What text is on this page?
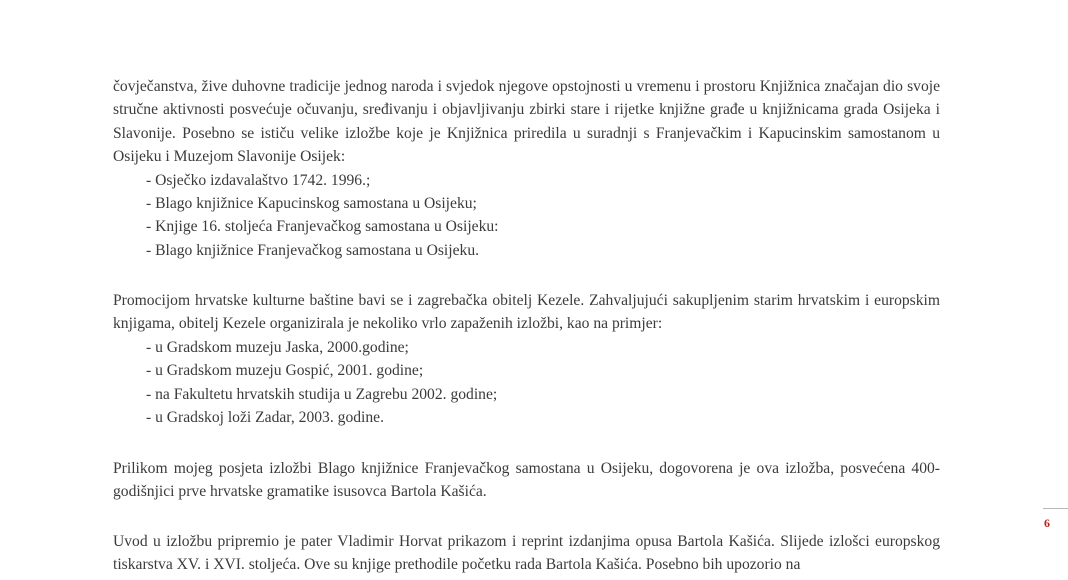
čovječanstva, žive duhovne tradicije jednog naroda i svjedok njegove opstojnosti u vremenu i prostoru Knjižnica značajan dio svoje stručne aktivnosti posvećuje očuvanju, sređivanju i objavljivanju zbirki stare i rijetke knjižne građe u knjižnicama grada Osijeka i Slavonije. Posebno se ističu velike izložbe koje je Knjižnica priredila u suradnji s Franjevačkim i Kapucinskim samostanom u Osijeku i Muzejom Slavonije Osijek:

- Osječko izdavalaštvo 1742. 1996.;
- Blago knjižnice Kapucinskog samostana u Osijeku;
- Knjige 16. stoljeća Franjevačkog samostana u Osijeku:
- Blago knjižnice Franjevačkog samostana u Osijeku.

Promocijom hrvatske kulturne baštine bavi se i zagrebačka obitelj Kezele. Zahvaljujući sakupljenim starim hrvatskim i europskim knjigama, obitelj Kezele organizirala je nekoliko vrlo zapaženih izložbi, kao na primjer:

- u Gradskom muzeju Jaska, 2000.godine;
- u Gradskom muzeju Gospić, 2001. godine;
- na Fakultetu hrvatskih studija u Zagrebu 2002. godine;
- u Gradskoj loži Zadar, 2003. godine.

Prilikom mojeg posjeta izložbi Blago knjižnice Franjevačkog samostana u Osijeku, dogovorena je ova izložba, posvećena 400-godišnjici prve hrvatske gramatike isusovca Bartola Kašića.

Uvod u izložbu pripremio je pater Vladimir Horvat prikazom i reprint izdanjima opusa Bartola Kašića. Slijede izlošci europskog tiskarstva XV. i XVI. stoljeća. Ove su knjige prethodile početku rada Bartola Kašića. Posebno bih upozorio na

6
